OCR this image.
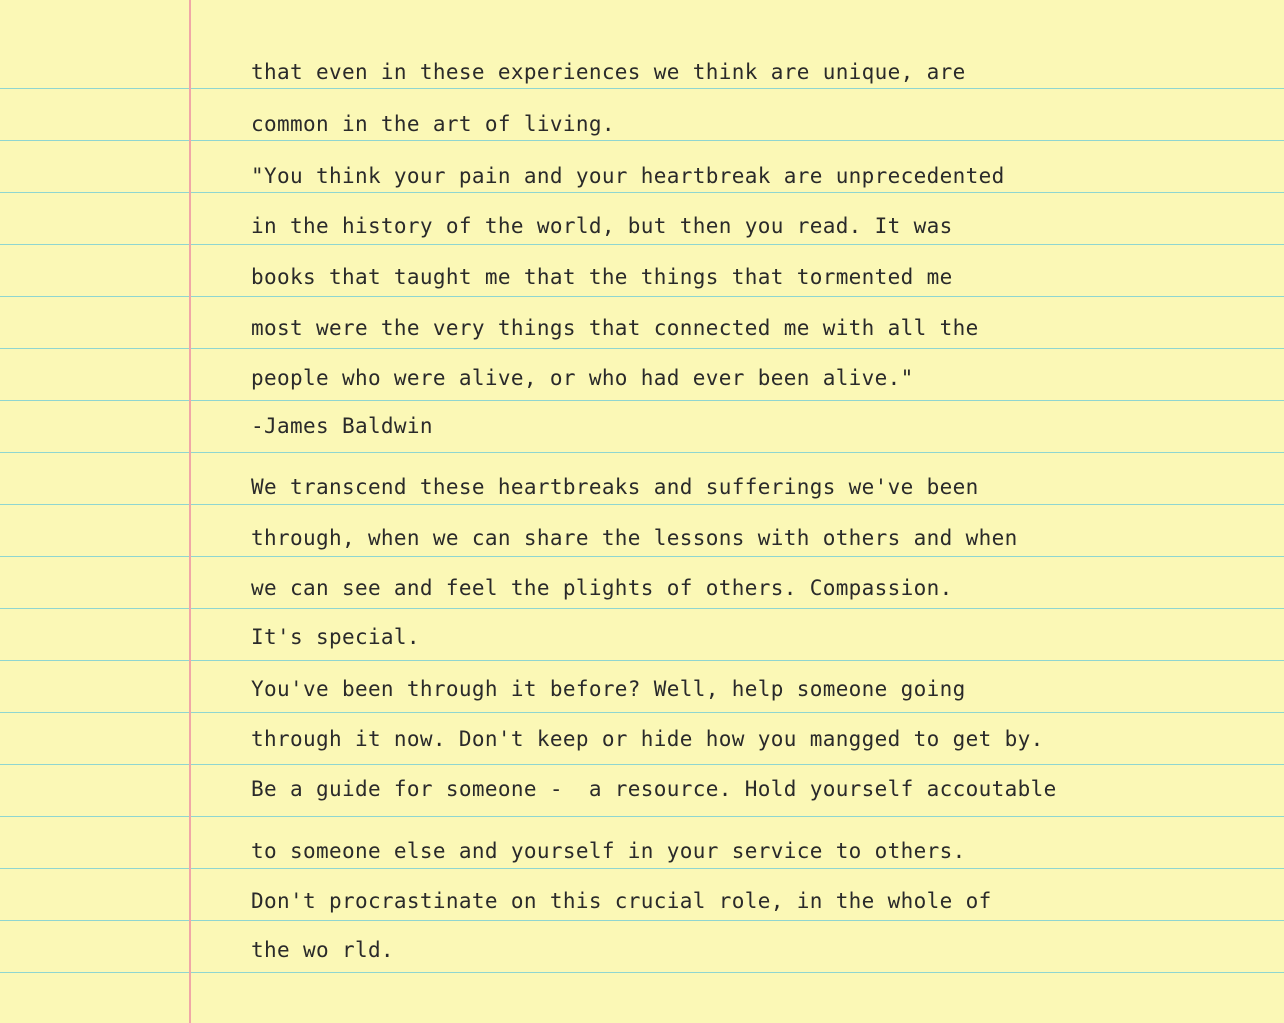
that even in these experiences we think are unique, are
common in the art of living.
"You think your pain and your heartbreak are unprecedented
in the history of the world, but then you read. It was
books that taught me that the things that tormented me
most were the very things that connected me with all the
people who were alive, or who had ever been alive."
-James Baldwin
We transcend these heartbreaks and sufferings we've been
through, when we can share the lessons with others and when
we can see and feel the plights of others. Compassion.
It's special.
You've been through it before? Well, help someone going
through it now. Don't keep or hide how you mangged to get by.
Be a guide for someone -  a resource. Hold yourself accoutable
to someone else and yourself in your service to others.
Don't procrastinate on this crucial role, in the whole of
the wo rld.
